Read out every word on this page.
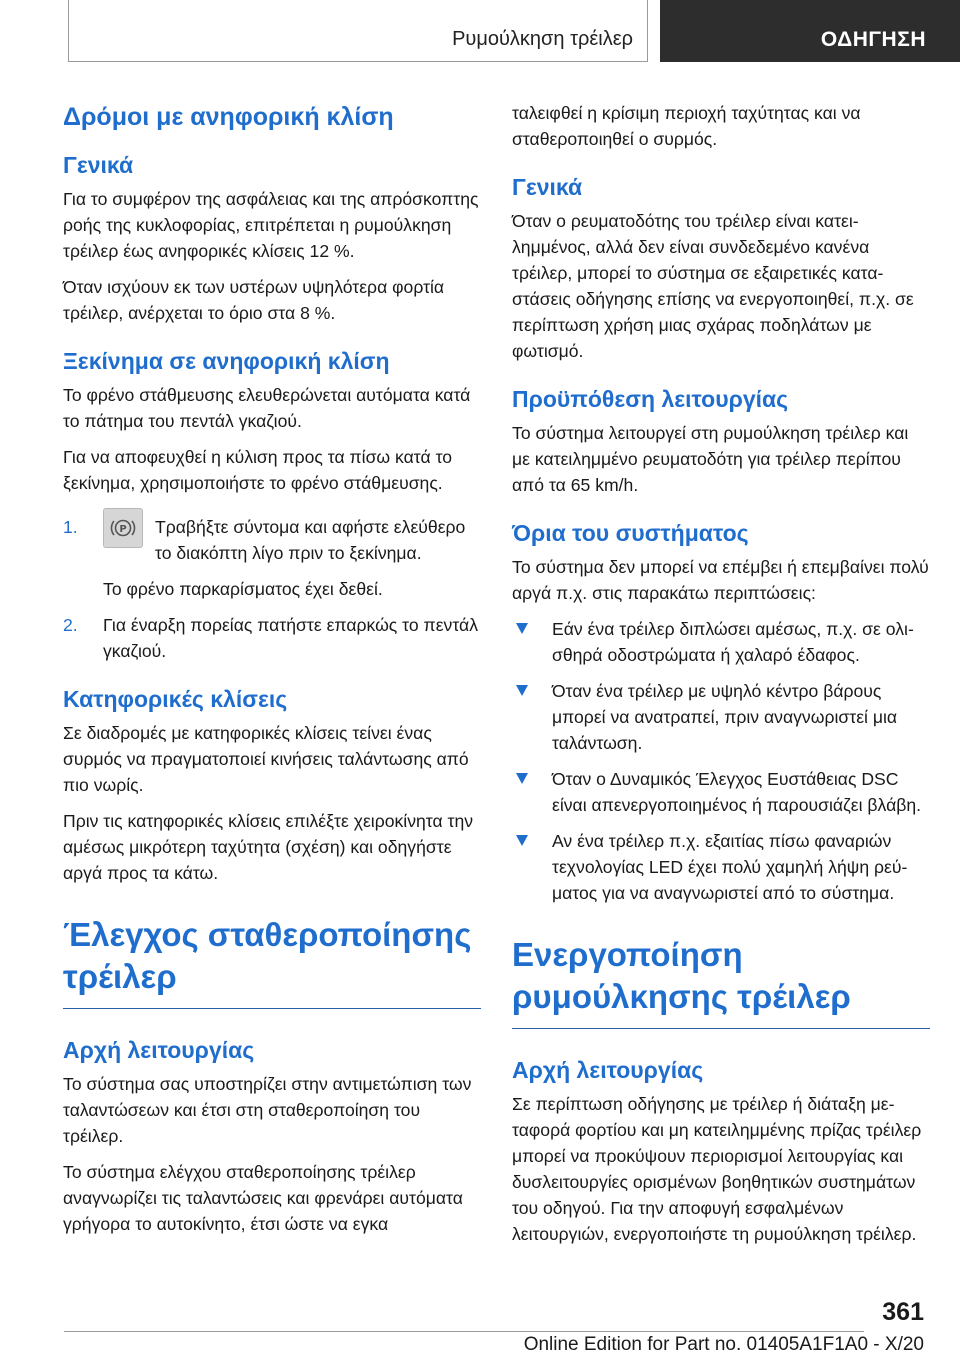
Ρυμούλκηση τρέιλερ	ΟΔΗΓΗΣΗ
Δρόμοι με ανηφορική κλίση
Γενικά

Για το συμφέρον της ασφάλειας και της απρόσκοπτης ροής της κυκλοφορίας, επιτρέπεται η ρυμούλκηση τρέιλερ έως ανηφορικές κλίσεις 12 %.

Όταν ισχύουν εκ των υστέρων υψηλότερα φορτία τρέιλερ, ανέρχεται το όριο στα 8 %.

Ξεκίνημα σε ανηφορική κλίση

Το φρένο στάθμευσης ελευθερώνεται αυτόματα κατά το πάτημα του πεντάλ γκαζιού.

Για να αποφευχθεί η κύλιση προς τα πίσω κατά το ξεκίνημα, χρησιμοποιήστε το φρένο στάθμευσης.

1.	P Τραβήξτε σύντομα και αφήστε ελεύθερο το διακόπτη λίγο πριν το ξεκίνημα.
Το φρένο παρκαρίσματος έχει δεθεί.
2. Για έναρξη πορείας πατήστε επαρκώς το πεντάλ γκαζιού.
Κατηφορικές κλίσεις

Σε διαδρομές με κατηφορικές κλίσεις τείνει ένας συρμός να πραγματοποιεί κινήσεις ταλάντωσης από πιο νωρίς.

Πριν τις κατηφορικές κλίσεις επιλέξτε χειροκίνητα την αμέσως μικρότερη ταχύτητα (σχέση) και οδηγήστε αργά προς τα κάτω.

Έλεγχος σταθεροποίησης τρέιλερ
Αρχή λειτουργίας

Το σύστημα σας υποστηρίζει στην αντιμετώπιση των ταλαντώσεων και έτσι στη σταθεροποίηση του τρέιλερ.

Το σύστημα ελέγχου σταθεροποίησης τρέιλερ αναγνωρίζει τις ταλαντώσεις και φρενάρει αυτόματα γρήγορα το αυτοκίνητο, έτσι ώστε να εγκα

ταλειφθεί η κρίσιμη περιοχή ταχύτητας και να σταθεροποιηθεί ο συρμός.

Γενικά

Όταν ο ρευματοδότης του τρέιλερ είναι κατειλημμένος, αλλά δεν είναι συνδεδεμένο κανένα τρέιλερ, μπορεί το σύστημα σε εξαιρετικές καταστάσεις οδήγησης επίσης να ενεργοποιηθεί, π.χ. σε περίπτωση χρήση μιας σχάρας ποδηλάτων με φωτισμό.

Προϋπόθεση λειτουργίας

Το σύστημα λειτουργεί στη ρυμούλκηση τρέιλερ και με κατειλημμένο ρευματοδότη για τρέιλερ περίπου από τα 65 km/h.

Όρια του συστήματος

Το σύστημα δεν μπορεί να επέμβει ή επεμβαίνει πολύ αργά π.χ. στις παρακάτω περιπτώσεις:

Εάν ένα τρέιλερ διπλώσει αμέσως, π.χ. σε ολισθηρά οδοστρώματα ή χαλαρό έδαφος.
Όταν ένα τρέιλερ με υψηλό κέντρο βάρους μπορεί να ανατραπεί, πριν αναγνωριστεί μια ταλάντωση.
Όταν ο Δυναμικός Έλεγχος Ευστάθειας DSC είναι απενεργοποιημένος ή παρουσιάζει βλάβη.
Αν ένα τρέιλερ π.χ. εξαιτίας πίσω φαναριών τεχνολογίας LED έχει πολύ χαμηλή λήψη ρεύματος για να αναγνωριστεί από το σύστημα.
Ενεργοποίηση ρυμούλκησης τρέιλερ
Αρχή λειτουργίας

Σε περίπτωση οδήγησης με τρέιλερ ή διάταξη μεταφορά φορτίου και μη κατειλημμένης πρίζας τρέιλερ μπορεί να προκύψουν περιορισμοί λειτουργίας και δυσλειτουργίες ορισμένων βοηθητικών συστημάτων του οδηγού. Για την αποφυγή εσφαλμένων λειτουργιών, ενεργοποιήστε τη ρυμούλκηση τρέιλερ.

361
Online Edition for Part no. 01405A1F1A0 - X/20
